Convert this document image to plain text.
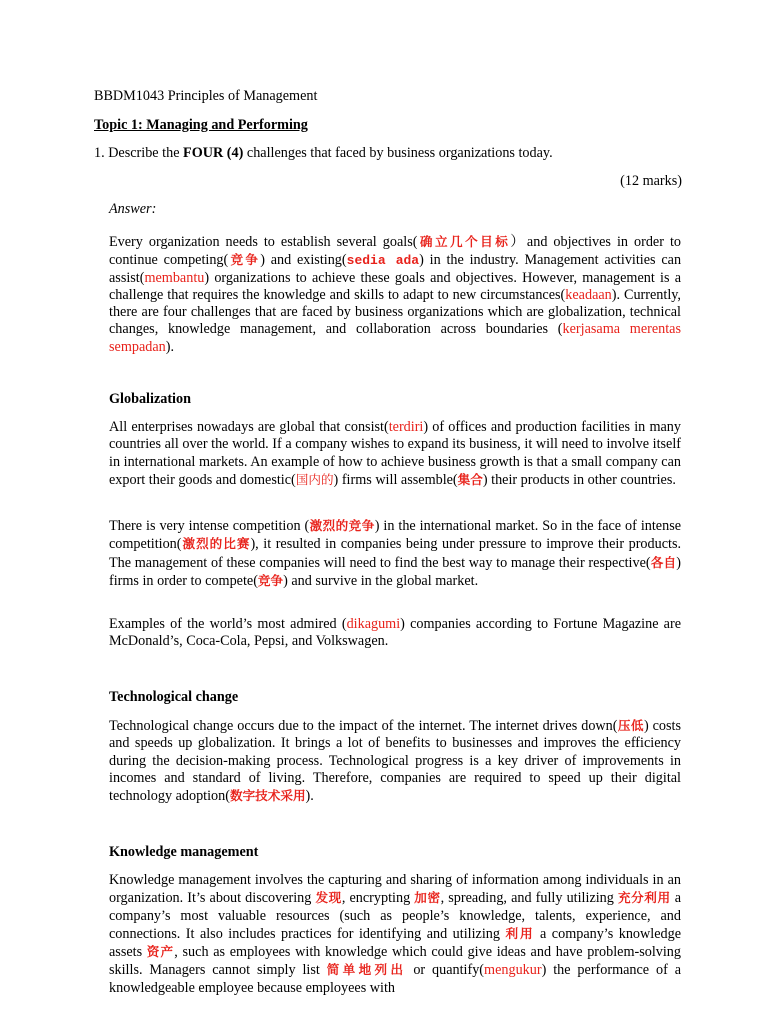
BBDM1043 Principles of Management
Topic 1: Managing and Performing
1. Describe the FOUR (4) challenges that faced by business organizations today.
(12 marks)
Answer:
Every organization needs to establish several goals(确立几个目标）and objectives in order to continue competing(竞争) and existing(sedia ada) in the industry. Management activities can assist(membantu) organizations to achieve these goals and objectives. However, management is a challenge that requires the knowledge and skills to adapt to new circumstances(keadaan). Currently, there are four challenges that are faced by business organizations which are globalization, technical changes, knowledge management, and collaboration across boundaries (kerjasama merentas sempadan).
Globalization
All enterprises nowadays are global that consist(terdiri) of offices and production facilities in many countries all over the world. If a company wishes to expand its business, it will need to involve itself in international markets. An example of how to achieve business growth is that a small company can export their goods and domestic(国内的) firms will assemble(集合) their products in other countries.
There is very intense competition (激烈的竞争) in the international market. So in the face of intense competition(激烈的比赛), it resulted in companies being under pressure to improve their products. The management of these companies will need to find the best way to manage their respective(各自) firms in order to compete(竞争) and survive in the global market.
Examples of the world’s most admired (dikagumi) companies according to Fortune Magazine are McDonald’s, Coca-Cola, Pepsi, and Volkswagen.
Technological change
Technological change occurs due to the impact of the internet. The internet drives down(压低) costs and speeds up globalization. It brings a lot of benefits to businesses and improves the efficiency during the decision-making process. Technological progress is a key driver of improvements in incomes and standard of living. Therefore, companies are required to speed up their digital technology adoption(数字技术采用).
Knowledge management
Knowledge management involves the capturing and sharing of information among individuals in an organization. It’s about discovering 发现, encrypting 加密, spreading, and fully utilizing 充分利用 a company’s most valuable resources (such as people’s knowledge, talents, experience, and connections. It also includes practices for identifying and utilizing 利用 a company’s knowledge assets 资产, such as employees with knowledge which could give ideas and have problem-solving skills. Managers cannot simply list 简单地列出 or quantify(mengukur) the performance of a knowledgeable employee because employees with
